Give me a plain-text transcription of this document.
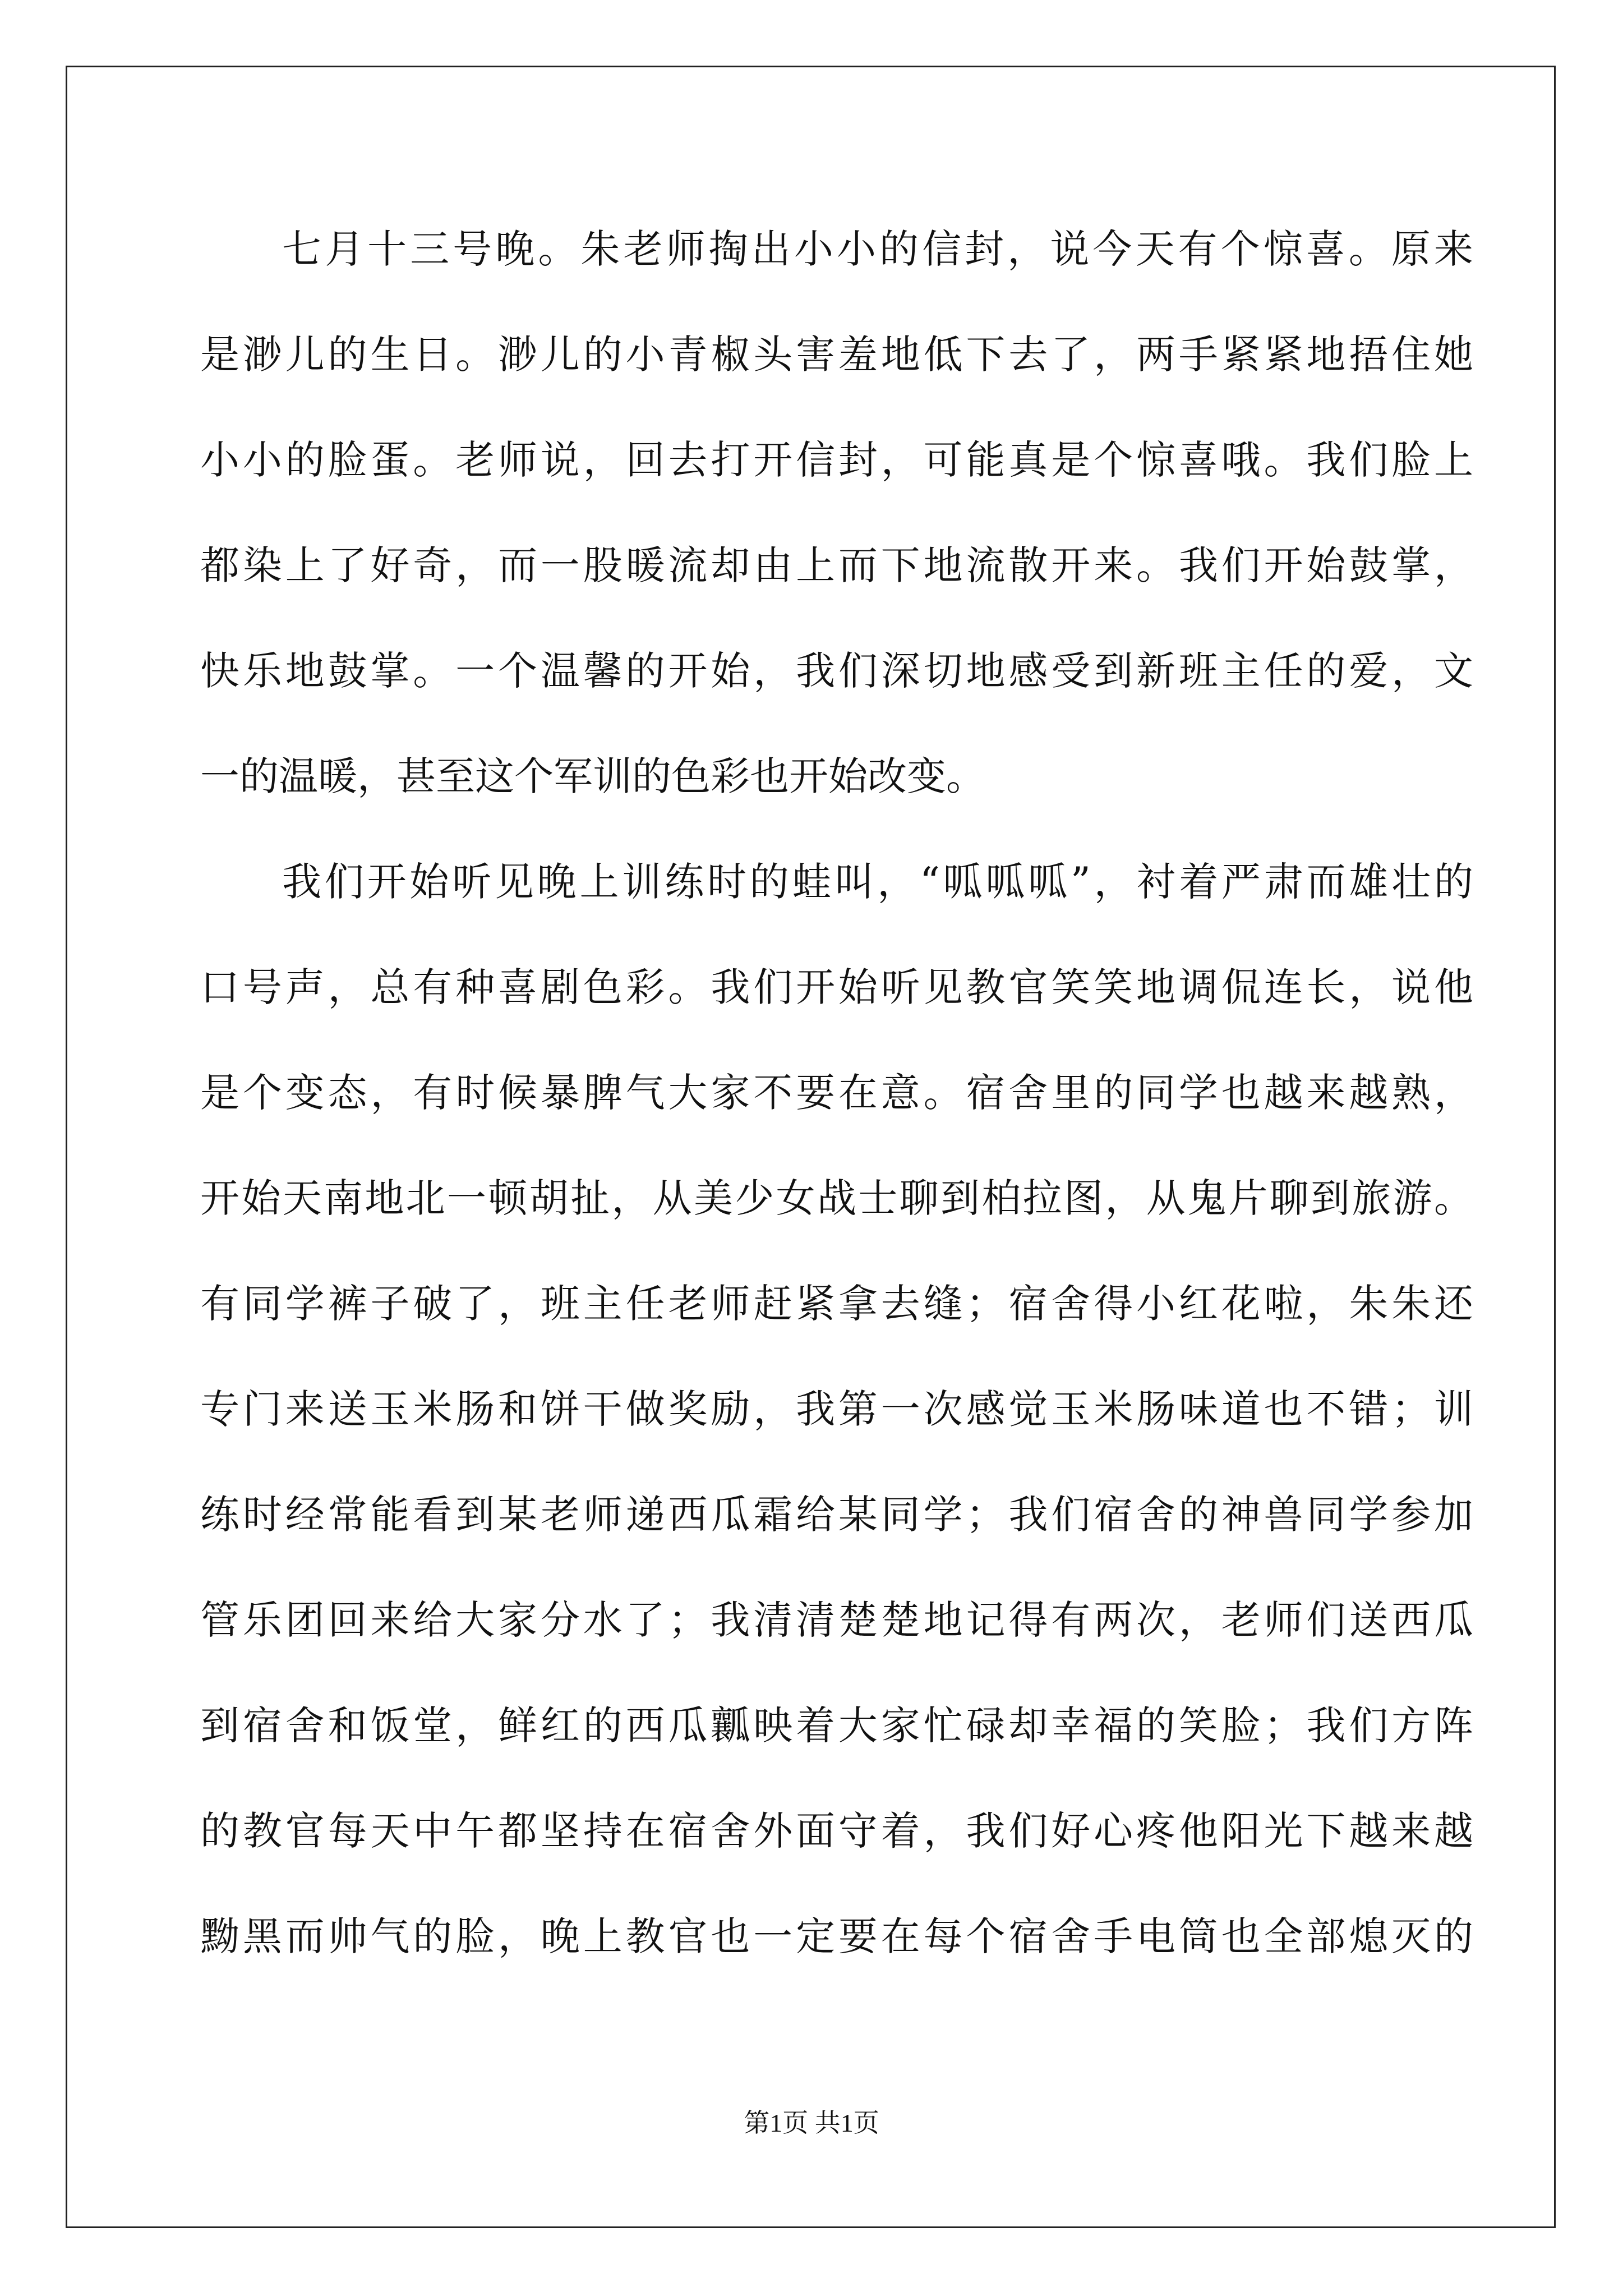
七月十三号晚。朱老师掏出小小的信封，说今天有个惊喜。原来
是渺儿的生日。渺儿的小青椒头害羞地低下去了，两手紧紧地捂住她
小小的脸蛋。老师说，回去打开信封，可能真是个惊喜哦。我们脸上
都染上了好奇，而一股暖流却由上而下地流散开来。我们开始鼓掌，
快乐地鼓掌。一个温馨的开始，我们深切地感受到新班主任的爱，文
一的温暖，甚至这个军训的色彩也开始改变。
我们开始听见晚上训练时的蛙叫，“呱呱呱”，衬着严肃而雄壮的
口号声，总有种喜剧色彩。我们开始听见教官笑笑地调侃连长，说他
是个变态，有时候暴脾气大家不要在意。宿舍里的同学也越来越熟，
开始天南地北一顿胡扯，从美少女战士聊到柏拉图，从鬼片聊到旅游。
有同学裤子破了，班主任老师赶紧拿去缝；宿舍得小红花啦，朱朱还
专门来送玉米肠和饼干做奖励，我第一次感觉玉米肠味道也不错；训
练时经常能看到某老师递西瓜霜给某同学；我们宿舍的神兽同学参加
管乐团回来给大家分水了；我清清楚楚地记得有两次，老师们送西瓜
到宿舍和饭堂，鲜红的西瓜瓤映着大家忙碌却幸福的笑脸；我们方阵
的教官每天中午都坚持在宿舍外面守着，我们好心疼他阳光下越来越
黝黑而帅气的脸，晚上教官也一定要在每个宿舍手电筒也全部熄灭的
第1页 共1页
